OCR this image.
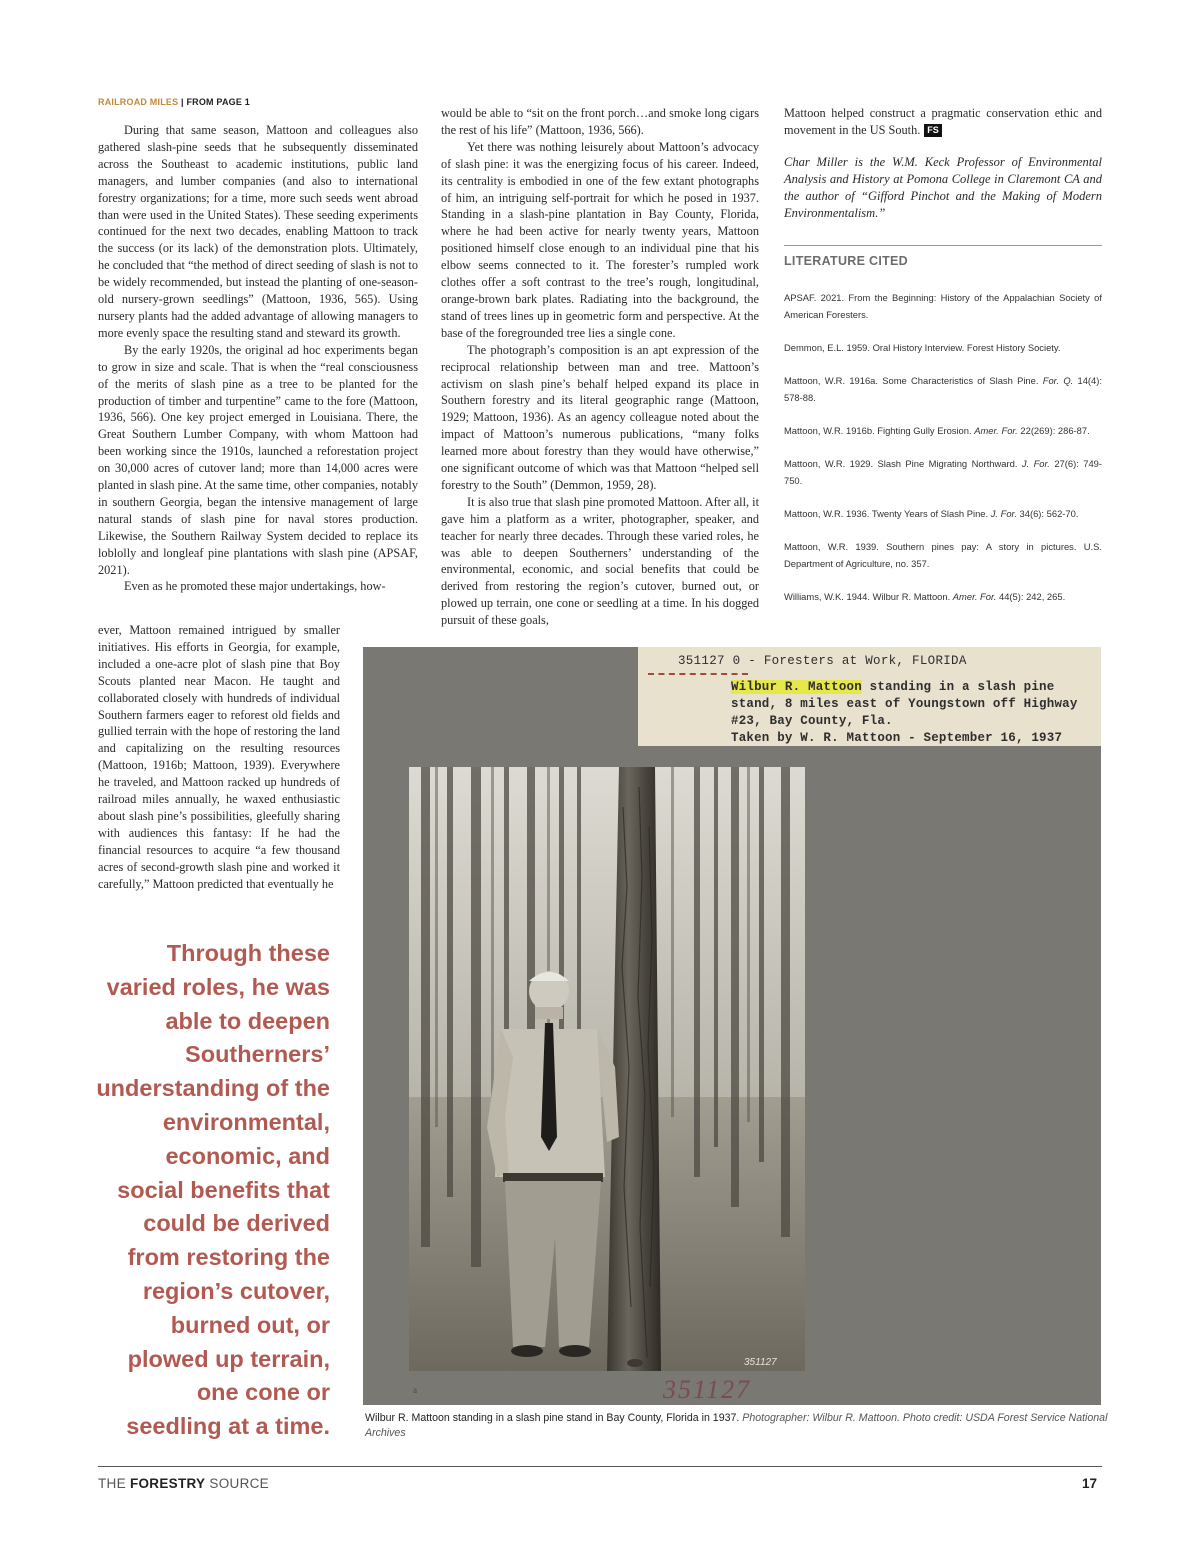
RAILROAD MILES | FROM PAGE 1

During that same season, Mattoon and colleagues also gathered slash-pine seeds that he subsequently disseminated across the Southeast to academic institutions, public land managers, and lumber companies (and also to international forestry organizations; for a time, more such seeds went abroad than were used in the United States). These seeding experiments continued for the next two decades, enabling Mattoon to track the success (or its lack) of the demonstration plots. Ultimately, he concluded that “the method of direct seeding of slash is not to be widely recommended, but instead the planting of one-season-old nursery-grown seedlings” (Mattoon, 1936, 565). Using nursery plants had the added advantage of allowing managers to more evenly space the resulting stand and steward its growth.

By the early 1920s, the original ad hoc experiments began to grow in size and scale. That is when the “real consciousness of the merits of slash pine as a tree to be planted for the production of timber and turpentine” came to the fore (Mattoon, 1936, 566). One key project emerged in Louisiana. There, the Great Southern Lumber Company, with whom Mattoon had been working since the 1910s, launched a reforestation project on 30,000 acres of cutover land; more than 14,000 acres were planted in slash pine. At the same time, other companies, notably in southern Georgia, began the intensive management of large natural stands of slash pine for naval stores production. Likewise, the Southern Railway System decided to replace its loblolly and longleaf pine plantations with slash pine (APSAF, 2021).

Even as he promoted these major undertakings, how-

ever, Mattoon remained intrigued by smaller initiatives. His efforts in Georgia, for example, included a one-acre plot of slash pine that Boy Scouts planted near Macon. He taught and collaborated closely with hundreds of individual Southern farmers eager to reforest old fields and gullied terrain with the hope of restoring the land and capitalizing on the resulting resources (Mattoon, 1916b; Mattoon, 1939). Everywhere he traveled, and Mattoon racked up hundreds of railroad miles annually, he waxed enthusiastic about slash pine’s possibilities, gleefully sharing with audiences this fantasy: If he had the financial resources to acquire “a few thousand acres of second-growth slash pine and worked it carefully,” Mattoon predicted that eventually he

would be able to “sit on the front porch…and smoke long cigars the rest of his life” (Mattoon, 1936, 566).

Yet there was nothing leisurely about Mattoon’s advocacy of slash pine: it was the energizing focus of his career. Indeed, its centrality is embodied in one of the few extant photographs of him, an intriguing self-portrait for which he posed in 1937. Standing in a slash-pine plantation in Bay County, Florida, where he had been active for nearly twenty years, Mattoon positioned himself close enough to an individual pine that his elbow seems connected to it. The forester’s rumpled work clothes offer a soft contrast to the tree’s rough, longitudinal, orange-brown bark plates. Radiating into the background, the stand of trees lines up in geometric form and perspective. At the base of the foregrounded tree lies a single cone.

The photograph’s composition is an apt expression of the reciprocal relationship between man and tree. Mattoon’s activism on slash pine’s behalf helped expand its place in Southern forestry and its literal geographic range (Mattoon, 1929; Mattoon, 1936). As an agency colleague noted about the impact of Mattoon’s numerous publications, “many folks learned more about forestry than they would have otherwise,” one significant outcome of which was that Mattoon “helped sell forestry to the South” (Demmon, 1959, 28).

It is also true that slash pine promoted Mattoon. After all, it gave him a platform as a writer, photographer, speaker, and teacher for nearly three decades. Through these varied roles, he was able to deepen Southerners’ understanding of the environmental, economic, and social benefits that could be derived from restoring the region’s cutover, burned out, or plowed up terrain, one cone or seedling at a time. In his dogged pursuit of these goals,

Mattoon helped construct a pragmatic conservation ethic and movement in the US South. FS

Char Miller is the W.M. Keck Professor of Environmental Analysis and History at Pomona College in Claremont CA and the author of “Gifford Pinchot and the Making of Modern Environmentalism.”
LITERATURE CITED
APSAF. 2021. From the Beginning: History of the Appalachian Society of American Foresters.
Demmon, E.L. 1959. Oral History Interview. Forest History Society.
Mattoon, W.R. 1916a. Some Characteristics of Slash Pine. For. Q. 14(4): 578-88.
Mattoon, W.R. 1916b. Fighting Gully Erosion. Amer. For. 22(269): 286-87.
Mattoon, W.R. 1929. Slash Pine Migrating Northward. J. For. 27(6): 749-750.
Mattoon, W.R. 1936. Twenty Years of Slash Pine. J. For. 34(6): 562-70.
Mattoon, W.R. 1939. Southern pines pay: A story in pictures. U.S. Department of Agriculture, no. 357.
Williams, W.K. 1944. Wilbur R. Mattoon. Amer. For. 44(5): 242, 265.
Through these varied roles, he was able to deepen Southerners’ understanding of the environmental, economic, and social benefits that could be derived from restoring the region’s cutover, burned out, or plowed up terrain, one cone or seedling at a time.
351127 0 - Foresters at Work, FLORIDA
Wilbur R. Mattoon standing in a slash pine
stand, 8 miles east of Youngstown off Highway
#23, Bay County, Fla.
Taken by W. R. Mattoon - September 16, 1937
351127
a	351127
Wilbur R. Mattoon standing in a slash pine stand in Bay County, Florida in 1937. Photographer: Wilbur R. Mattoon. Photo credit: USDA Forest Service National Archives
THE FORESTRY SOURCE	17
